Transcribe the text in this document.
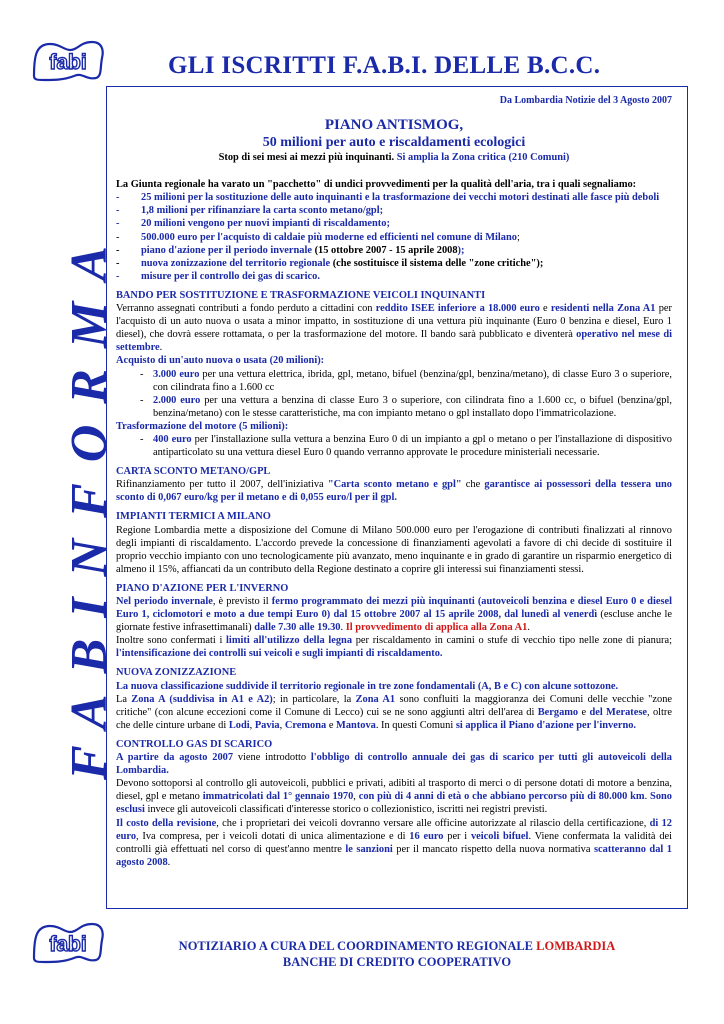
fabi	GLI ISCRITTI F.A.B.I. DELLE B.C.C.
FABINFORMA
Da Lombardia Notizie del 3 Agosto 2007
PIANO ANTISMOG,
50 milioni per auto e riscaldamenti ecologici
Stop di sei mesi ai mezzi più inquinanti. Si amplia la Zona critica (210 Comuni)
La Giunta regionale ha varato un "pacchetto" di undici provvedimenti per la qualità dell'aria, tra i quali segnaliamo:
- 25 milioni per la sostituzione delle auto inquinanti e la trasformazione dei vecchi motori destinati alle fasce più deboli
- 1,8 milioni per rifinanziare la carta sconto metano/gpl;
- 20 milioni vengono per nuovi impianti di riscaldamento;
- 500.000 euro per l'acquisto di caldaie più moderne ed efficienti nel comune di Milano;
- piano d'azione per il periodo invernale (15 ottobre 2007 - 15 aprile 2008);
- nuova zonizzazione del territorio regionale (che sostituisce il sistema delle "zone critiche");
- misure per il controllo dei gas di scarico.
BANDO PER SOSTITUZIONE E TRASFORMAZIONE VEICOLI INQUINANTI
Verranno assegnati contributi a fondo perduto a cittadini con reddito ISEE inferiore a 18.000 euro e residenti nella Zona A1 per l'acquisto di un auto nuova o usata a minor impatto, in sostituzione di una vettura più inquinante (Euro 0 benzina e diesel, Euro 1 diesel), che dovrà essere rottamata, o per la trasformazione del motore. Il bando sarà pubblicato e diventerà operativo nel mese di settembre.
Acquisto di un'auto nuova o usata (20 milioni):
- 3.000 euro per una vettura elettrica, ibrida, gpl, metano, bifuel (benzina/gpl, benzina/metano), di classe Euro 3 o superiore, con cilindrata fino a 1.600 cc
- 2.000 euro per una vettura a benzina di classe Euro 3 o superiore, con cilindrata fino a 1.600 cc, o bifuel (benzina/gpl, benzina/metano) con le stesse caratteristiche, ma con impianto metano o gpl installato dopo l'immatricolazione.
Trasformazione del motore (5 milioni):
- 400 euro per l'installazione sulla vettura a benzina Euro 0 di un impianto a gpl o metano o per l'installazione di dispositivo antiparticolato su una vettura diesel Euro 0 quando verranno approvate le procedure ministeriali necessarie.
CARTA SCONTO METANO/GPL
Rifinanziamento per tutto il 2007, dell'iniziativa "Carta sconto metano e gpl" che garantisce ai possessori della tessera uno sconto di 0,067 euro/kg per il metano e di 0,055 euro/l per il gpl.
IMPIANTI TERMICI A MILANO
Regione Lombardia mette a disposizione del Comune di Milano 500.000 euro per l'erogazione di contributi finalizzati al rinnovo degli impianti di riscaldamento. L'accordo prevede la concessione di finanziamenti agevolati a favore di chi decide di sostituire il proprio vecchio impianto con uno tecnologicamente più avanzato, meno inquinante e in grado di garantire un risparmio energetico di almeno il 15%, affiancati da un contributo della Regione destinato a coprire gli interessi sui finanziamenti stessi.
PIANO D'AZIONE PER L'INVERNO
Nel periodo invernale, è previsto il fermo programmato dei mezzi più inquinanti (autoveicoli benzina e diesel Euro 0 e diesel Euro 1, ciclomotori e moto a due tempi Euro 0) dal 15 ottobre 2007 al 15 aprile 2008, dal lunedì al venerdì (escluse anche le giornate festive infrasettimanali) dalle 7.30 alle 19.30. Il provvedimento di applica alla Zona A1.
Inoltre sono confermati i limiti all'utilizzo della legna per riscaldamento in camini o stufe di vecchio tipo nelle zone di pianura; l'intensificazione dei controlli sui veicoli e sugli impianti di riscaldamento.
NUOVA ZONIZZAZIONE
La nuova classificazione suddivide il territorio regionale in tre zone fondamentali (A, B e C) con alcune sottozone.
La Zona A (suddivisa in A1 e A2); in particolare, la Zona A1 sono confluiti la maggioranza dei Comuni delle vecchie "zone critiche" (con alcune eccezioni come il Comune di Lecco) cui se ne sono aggiunti altri dell'area di Bergamo e del Meratese, oltre che delle cinture urbane di Lodi, Pavia, Cremona e Mantova. In questi Comuni si applica il Piano d'azione per l'inverno.
CONTROLLO GAS DI SCARICO
A partire da agosto 2007 viene introdotto l'obbligo di controllo annuale dei gas di scarico per tutti gli autoveicoli della Lombardia.
Devono sottoporsi al controllo gli autoveicoli, pubblici e privati, adibiti al trasporto di merci o di persone dotati di motore a benzina, diesel, gpl e metano immatricolati dal 1° gennaio 1970, con più di 4 anni di età o che abbiano percorso più di 80.000 km. Sono esclusi invece gli autoveicoli classificati d'interesse storico o collezionistico, iscritti nei registri previsti.
Il costo della revisione, che i proprietari dei veicoli dovranno versare alle officine autorizzate al rilascio della certificazione, di 12 euro, Iva compresa, per i veicoli dotati di unica alimentazione e di 16 euro per i veicoli bifuel. Viene confermata la validità dei controlli già effettuati nel corso di quest'anno mentre le sanzioni per il mancato rispetto della nuova normativa scatteranno dal 1 agosto 2008.
fabi	NOTIZIARIO A CURA DEL COORDINAMENTO REGIONALE LOMBARDIA
BANCHE DI CREDITO COOPERATIVO
